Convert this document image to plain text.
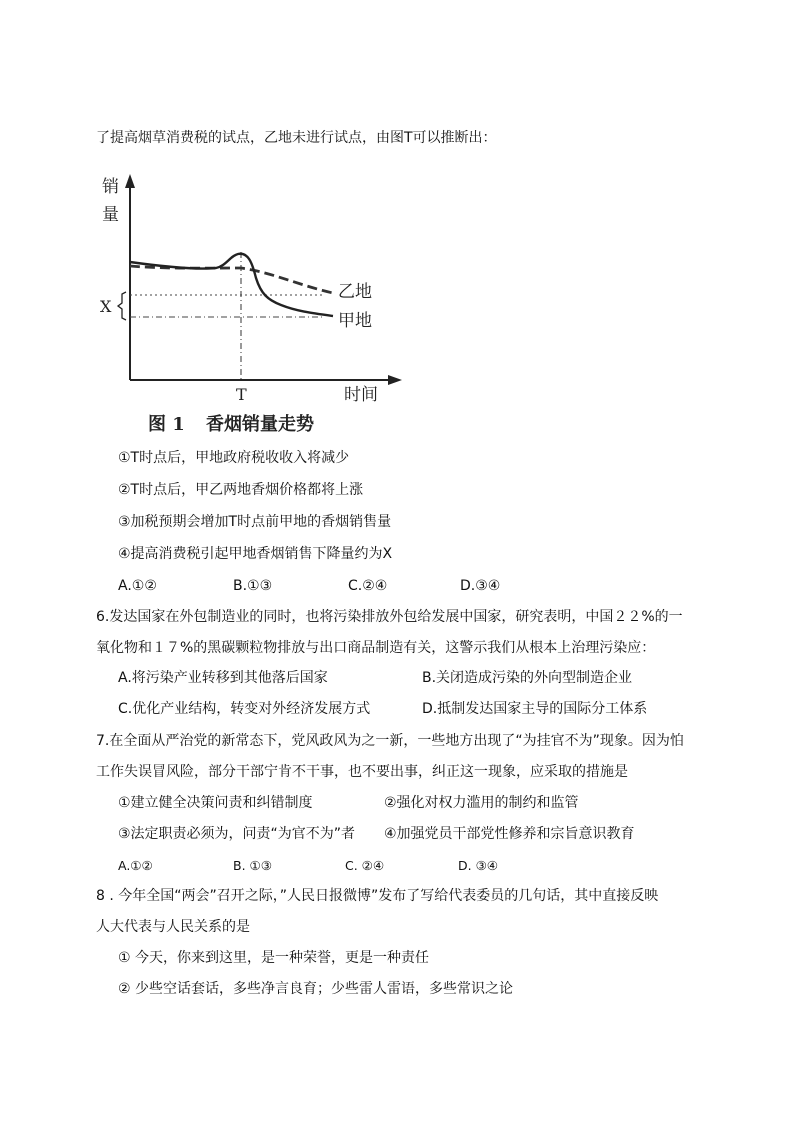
了提高烟草消费税的试点，乙地未进行试点，由图T可以推断出：
销
量
时间
T
X
乙地
甲地
图 1 香烟销量走势
①T时点后，甲地政府税收收入将减少
②T时点后，甲乙两地香烟价格都将上涨
③加税预期会增加T时点前甲地的香烟销售量
④提高消费税引起甲地香烟销售下降量约为X
A.①②	B.①③	C.②④	D.③④
6.发达国家在外包制造业的同时，也将污染排放外包给发展中国家，研究表明，中国２２%的一
氧化物和１７%的黑碳颗粒物排放与出口商品制造有关，这警示我们从根本上治理污染应：
A.将污染产业转移到其他落后国家	B.关闭造成污染的外向型制造企业
C.优化产业结构，转变对外经济发展方式	D.抵制发达国家主导的国际分工体系
7.在全面从严治党的新常态下，党风政风为之一新，一些地方出现了“为挂官不为”现象。因为怕
工作失误冒风险，部分干部宁肯不干事，也不要出事，纠正这一现象，应采取的措施是
①建立健全决策问责和纠错制度	②强化对权力滥用的制约和监管
③法定职责必须为，问责“为官不为”者 ④加强党员干部党性修养和宗旨意识教育
A.①②	B. ①③	C. ②④	D. ③④
8 . 今年全国“两会”召开之际，”人民日报微博”发布了写给代表委员的几句话，其中直接反映
人大代表与人民关系的是
① 今天，你来到这里，是一种荣誉，更是一种责任
② 少些空话套话，多些净言良育；少些雷人雷语，多些常识之论
